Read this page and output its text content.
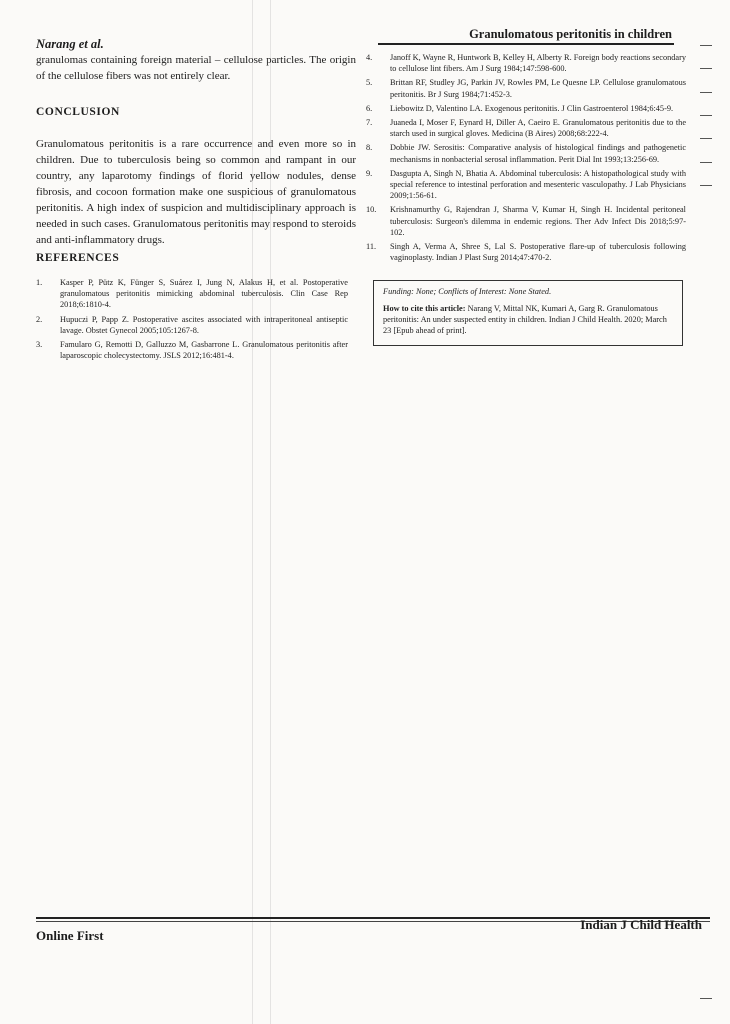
Narang et al.
Granulomatous peritonitis in children

granulomas containing foreign material – cellulose particles. The origin of the cellulose fibers was not entirely clear.

CONCLUSION

Granulomatous peritonitis is a rare occurrence and even more so in children. Due to tuberculosis being so common and rampant in our country, any laparotomy findings of florid yellow nodules, dense fibrosis, and cocoon formation make one suspicious of granulomatous peritonitis. A high index of suspicion and multidisciplinary approach is needed in such cases. Granulomatous peritonitis may respond to steroids and anti-inflammatory drugs.

REFERENCES
1.	Kasper P, Pütz K, Fünger S, Suárez I, Jung N, Alakus H, et al. Postoperative granulomatous peritonitis mimicking abdominal tuberculosis. Clin Case Rep 2018;6:1810-4.
2.	Hupuczi P, Papp Z. Postoperative ascites associated with intraperitoneal antiseptic lavage. Obstet Gynecol 2005;105:1267-8.
3.	Famularo G, Remotti D, Galluzzo M, Gasbarrone L. Granulomatous peritonitis after laparoscopic cholecystectomy. JSLS 2012;16:481-4.
4.	Janoff K, Wayne R, Huntwork B, Kelley H, Alberty R. Foreign body reactions secondary to cellulose lint fibers. Am J Surg 1984;147:598-600.
5.	Brittan RF, Studley JG, Parkin JV, Rowles PM, Le Quesne LP. Cellulose granulomatous peritonitis. Br J Surg 1984;71:452-3.
6.	Liebowitz D, Valentino LA. Exogenous peritonitis. J Clin Gastroenterol 1984;6:45-9.
7.	Juaneda I, Moser F, Eynard H, Diller A, Caeiro E. Granulomatous peritonitis due to the starch used in surgical gloves. Medicina (B Aires) 2008;68:222-4.
8.	Dobbie JW. Serositis: Comparative analysis of histological findings and pathogenetic mechanisms in nonbacterial serosal inflammation. Perit Dial Int 1993;13:256-69.
9.	Dasgupta A, Singh N, Bhatia A. Abdominal tuberculosis: A histopathological study with special reference to intestinal perforation and mesenteric vasculopathy. J Lab Physicians 2009;1:56-61.
10.	Krishnamurthy G, Rajendran J, Sharma V, Kumar H, Singh H. Incidental peritoneal tuberculosis: Surgeon's dilemma in endemic regions. Ther Adv Infect Dis 2018;5:97-102.
11.	Singh A, Verma A, Shree S, Lal S. Postoperative flare-up of tuberculosis following vaginoplasty. Indian J Plast Surg 2014;47:470-2.

Funding: None; Conflicts of Interest: None Stated.

How to cite this article: Narang V, Mittal NK, Kumari A, Garg R. Granulomatous peritonitis: An under suspected entity in children. Indian J Child Health. 2020; March 23 [Epub ahead of print].

Online First
Indian J Child Health
